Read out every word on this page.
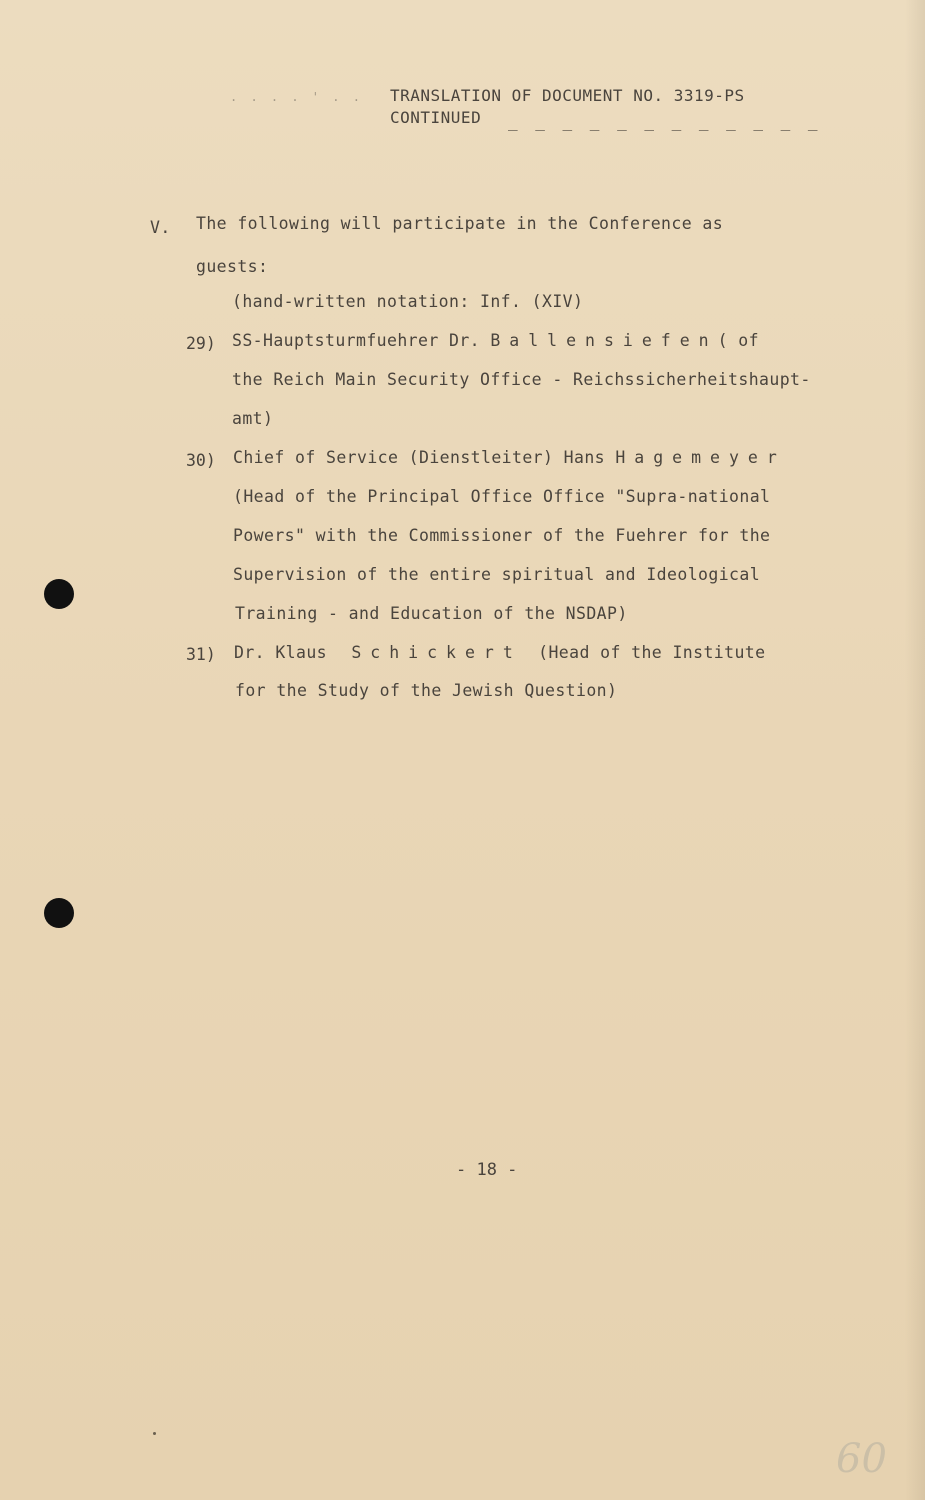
. . . . ' . . TRANSLATION OF DOCUMENT NO. 3319-PS
CONTINUED _ _ _ _ _ _ _ _ _ _ _ _
V. The following will participate in the Conference as
guests:
(hand-written notation: Inf. (XIV)
29) SS-Hauptsturmfuehrer Dr. Ballensiefen( of
the Reich Main Security Office - Reichssicherheitshaupt-
amt)
30) Chief of Service (Dienstleiter) Hans Hagemeyer
(Head of the Principal Office Office "Supra-national
Powers" with the Commissioner of the Fuehrer for the
Supervision of the entire spiritual and Ideological
Training - and Education of the NSDAP)
31) Dr. Klaus Schickert (Head of the Institute
for the Study of the Jewish Question)
- 18 -
60
